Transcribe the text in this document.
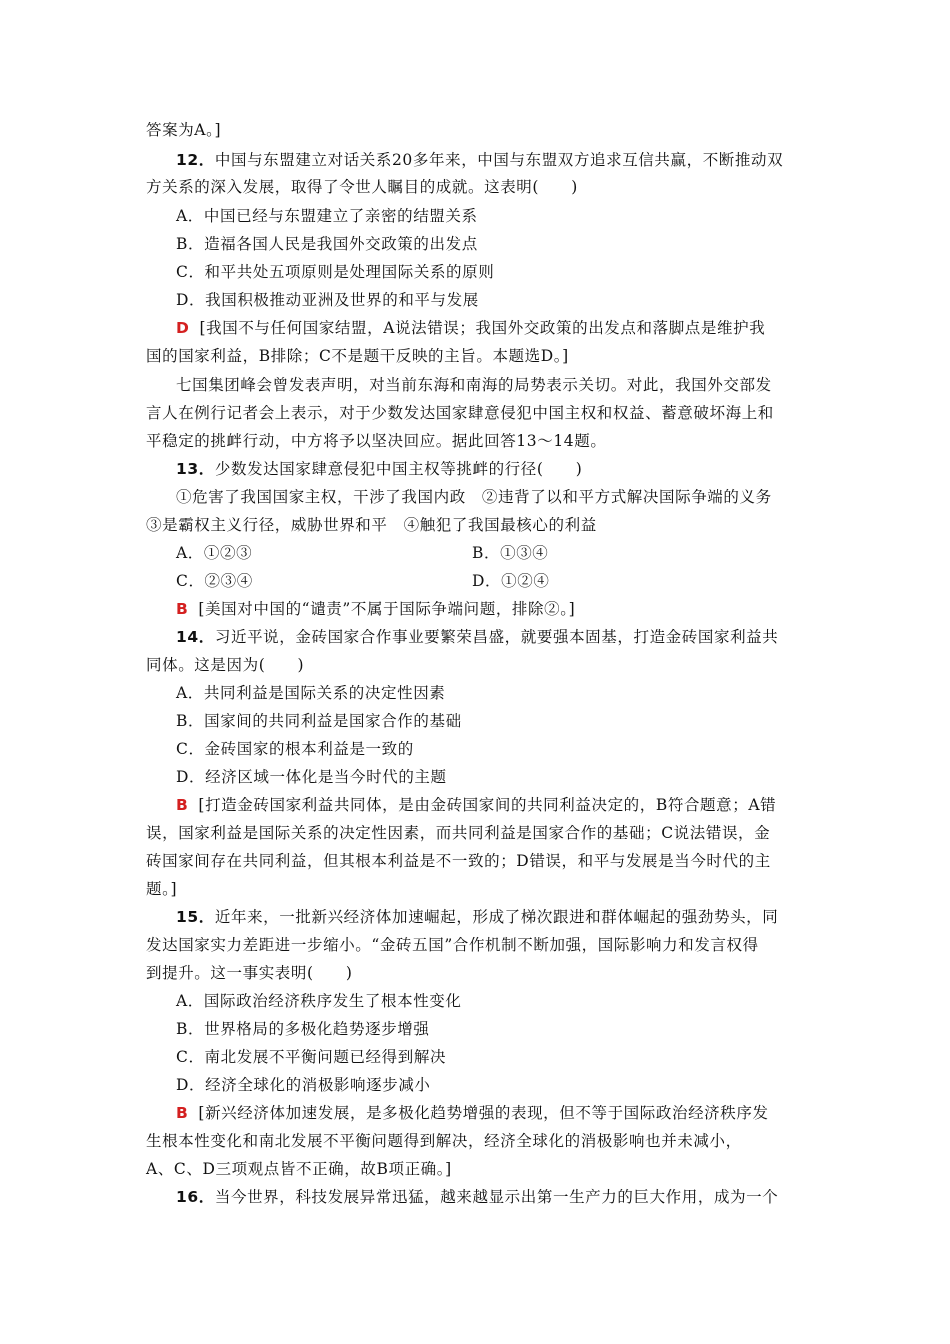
答案为A。]
12．中国与东盟建立对话关系20多年来，中国与东盟双方追求互信共赢，不断推动双
方关系的深入发展，取得了令世人瞩目的成就。这表明(　　)
A．中国已经与东盟建立了亲密的结盟关系
B．造福各国人民是我国外交政策的出发点
C．和平共处五项原则是处理国际关系的原则
D．我国积极推动亚洲及世界的和平与发展
D [我国不与任何国家结盟，A说法错误；我国外交政策的出发点和落脚点是维护我
国的国家利益，B排除；C不是题干反映的主旨。本题选D。]
七国集团峰会曾发表声明，对当前东海和南海的局势表示关切。对此，我国外交部发
言人在例行记者会上表示，对于少数发达国家肆意侵犯中国主权和权益、蓄意破坏海上和
平稳定的挑衅行动，中方将予以坚决回应。据此回答13～14题。
13．少数发达国家肆意侵犯中国主权等挑衅的行径(　　)
①危害了我国国家主权，干涉了我国内政　②违背了以和平方式解决国际争端的义务
③是霸权主义行径，威胁世界和平　④触犯了我国最核心的利益
A．①②③	B．①③④
C．②③④	D．①②④
B [美国对中国的“谴责”不属于国际争端问题，排除②。]
14．习近平说，金砖国家合作事业要繁荣昌盛，就要强本固基，打造金砖国家利益共
同体。这是因为(　　)
A．共同利益是国际关系的决定性因素
B．国家间的共同利益是国家合作的基础
C．金砖国家的根本利益是一致的
D．经济区域一体化是当今时代的主题
B [打造金砖国家利益共同体，是由金砖国家间的共同利益决定的，B符合题意；A错
误，国家利益是国际关系的决定性因素，而共同利益是国家合作的基础；C说法错误，金
砖国家间存在共同利益，但其根本利益是不一致的；D错误，和平与发展是当今时代的主
题。]
15．近年来，一批新兴经济体加速崛起，形成了梯次跟进和群体崛起的强劲势头，同
发达国家实力差距进一步缩小。“金砖五国”合作机制不断加强，国际影响力和发言权得
到提升。这一事实表明(　　)
A．国际政治经济秩序发生了根本性变化
B．世界格局的多极化趋势逐步增强
C．南北发展不平衡问题已经得到解决
D．经济全球化的消极影响逐步减小
B [新兴经济体加速发展，是多极化趋势增强的表现，但不等于国际政治经济秩序发
生根本性变化和南北发展不平衡问题得到解决，经济全球化的消极影响也并未减小，
A、C、D三项观点皆不正确，故B项正确。]
16．当今世界，科技发展异常迅猛，越来越显示出第一生产力的巨大作用，成为一个
